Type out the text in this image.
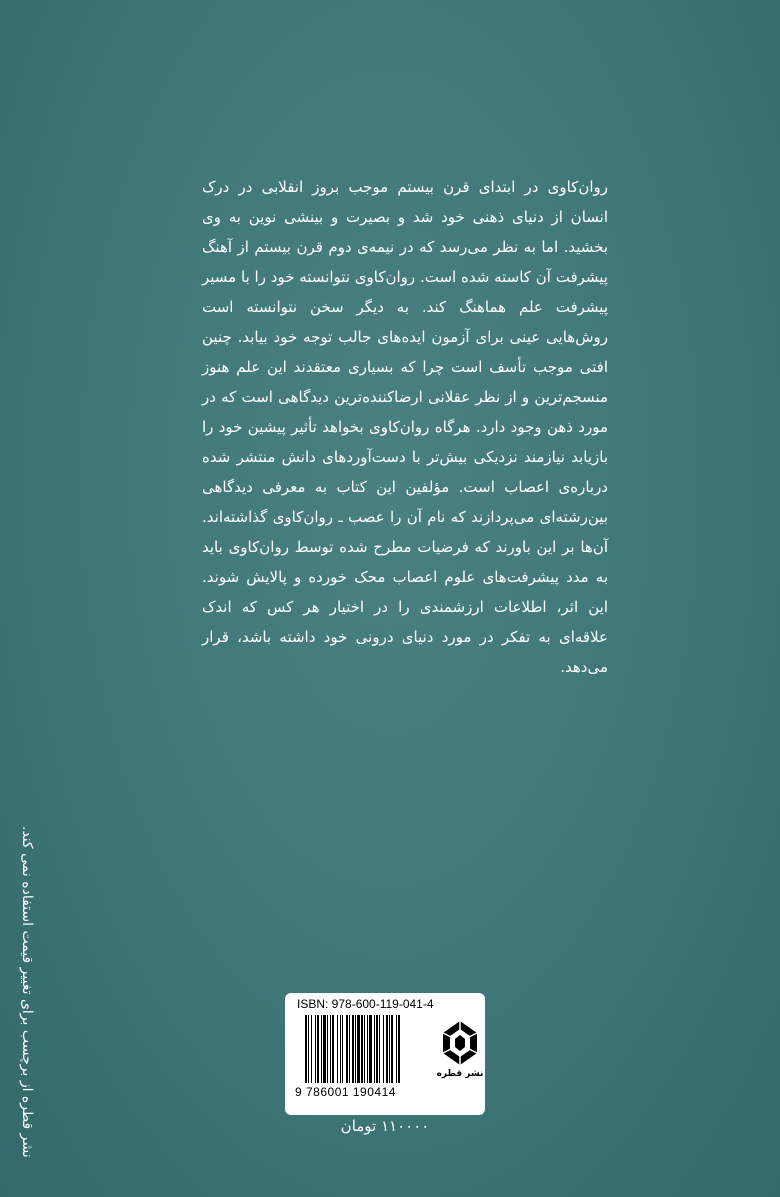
روان‌کاوی در ابتدای قرن بیستم موجب بروز انقلابی در درک انسان از دنیای ذهنی خود شد و بصیرت و بینشی نوین به وی بخشید. اما به نظر می‌رسد که در نیمه‌ی دوم قرن بیستم از آهنگ پیشرفت آن کاسته شده است. روان‌کاوی نتوانسته خود را با مسیر پیشرفت علم هماهنگ کند. به دیگر سخن نتوانسته است روش‌هایی عینی برای آزمون ایده‌های جالب توجه خود بیابد. چنین افتی موجب تأسف است چرا که بسیاری معتقدند این علم هنوز منسجم‌ترین و از نظر عقلانی ارضاکننده‌ترین دیدگاهی است که در مورد ذهن وجود دارد. هرگاه روان‌کاوی بخواهد تأثیر پیشین خود را بازیابد نیازمند نزدیکی بیش‌تر با دست‌آوردهای دانش منتشر شده درباره‌ی اعصاب است. مؤلفین این کتاب به معرفی دیدگاهی بین‌رشته‌ای می‌پردازند که نام آن را عصب ـ روان‌کاوی گذاشته‌اند. آن‌ها بر این باورند که فرضیات مطرح شده توسط روان‌کاوی باید به مدد پیشرفت‌های علوم اعصاب محک خورده و پالایش شوند. این اثر، اطلاعات ارزشمندی را در اختیار هر کس که اندک علاقه‌ای به تفکر در مورد دنیای درونی خود داشته باشد، قرار می‌دهد.

نشر قطره از برچسب برای تغییر قیمت استفاده نمی کند.	ISBN: 978-600-119-041-4
9 786001 190414
نشر قطره
۱۱۰۰۰۰ تومان
